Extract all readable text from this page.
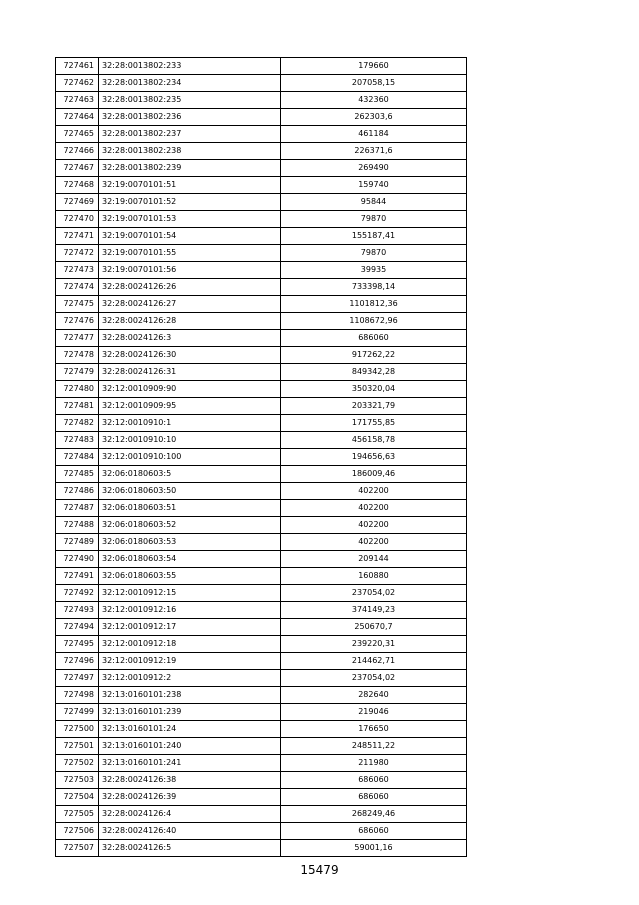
727461	32:28:0013802:233	179660
727462	32:28:0013802:234	207058,15
727463	32:28:0013802:235	432360
727464	32:28:0013802:236	262303,6
727465	32:28:0013802:237	461184
727466	32:28:0013802:238	226371,6
727467	32:28:0013802:239	269490
727468	32:19:0070101:51	159740
727469	32:19:0070101:52	95844
727470	32:19:0070101:53	79870
727471	32:19:0070101:54	155187,41
727472	32:19:0070101:55	79870
727473	32:19:0070101:56	39935
727474	32:28:0024126:26	733398,14
727475	32:28:0024126:27	1101812,36
727476	32:28:0024126:28	1108672,96
727477	32:28:0024126:3	686060
727478	32:28:0024126:30	917262,22
727479	32:28:0024126:31	849342,28
727480	32:12:0010909:90	350320,04
727481	32:12:0010909:95	203321,79
727482	32:12:0010910:1	171755,85
727483	32:12:0010910:10	456158,78
727484	32:12:0010910:100	194656,63
727485	32:06:0180603:5	186009,46
727486	32:06:0180603:50	402200
727487	32:06:0180603:51	402200
727488	32:06:0180603:52	402200
727489	32:06:0180603:53	402200
727490	32:06:0180603:54	209144
727491	32:06:0180603:55	160880
727492	32:12:0010912:15	237054,02
727493	32:12:0010912:16	374149,23
727494	32:12:0010912:17	250670,7
727495	32:12:0010912:18	239220,31
727496	32:12:0010912:19	214462,71
727497	32:12:0010912:2	237054,02
727498	32:13:0160101:238	282640
727499	32:13:0160101:239	219046
727500	32:13:0160101:24	176650
727501	32:13:0160101:240	248511,22
727502	32:13:0160101:241	211980
727503	32:28:0024126:38	686060
727504	32:28:0024126:39	686060
727505	32:28:0024126:4	268249,46
727506	32:28:0024126:40	686060
727507	32:28:0024126:5	59001,16
15479
